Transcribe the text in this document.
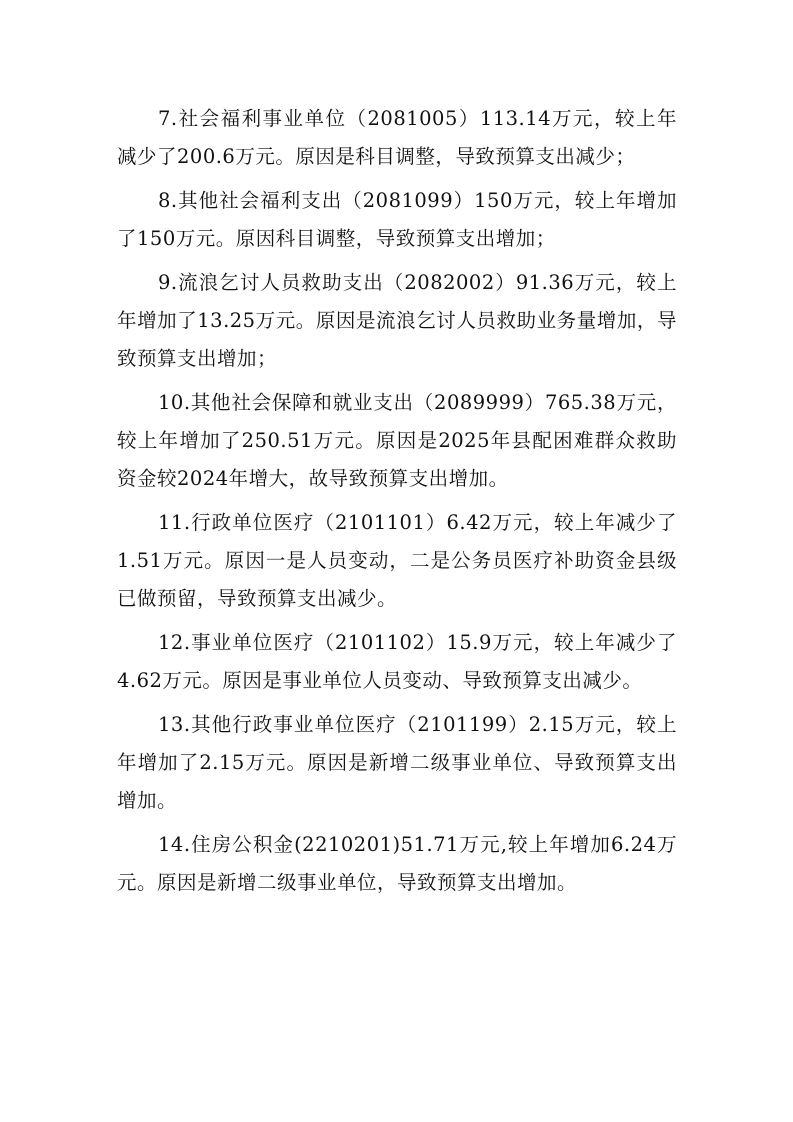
7.社会福利事业单位（2081005）113.14万元，较上年减少了200.6万元。原因是科目调整，导致预算支出减少；

8.其他社会福利支出（2081099）150万元，较上年增加了150万元。原因科目调整，导致预算支出增加；

9.流浪乞讨人员救助支出（2082002）91.36万元，较上年增加了13.25万元。原因是流浪乞讨人员救助业务量增加，导致预算支出增加；

10.其他社会保障和就业支出（2089999）765.38万元，较上年增加了250.51万元。原因是2025年县配困难群众救助资金较2024年增大，故导致预算支出增加。

11.行政单位医疗（2101101）6.42万元，较上年减少了1.51万元。原因一是人员变动，二是公务员医疗补助资金县级已做预留，导致预算支出减少。

12.事业单位医疗（2101102）15.9万元，较上年减少了4.62万元。原因是事业单位人员变动、导致预算支出减少。

13.其他行政事业单位医疗（2101199）2.15万元，较上年增加了2.15万元。原因是新增二级事业单位、导致预算支出增加。

14.住房公积金(2210201)51.71万元,较上年增加6.24万元。原因是新增二级事业单位，导致预算支出增加。
